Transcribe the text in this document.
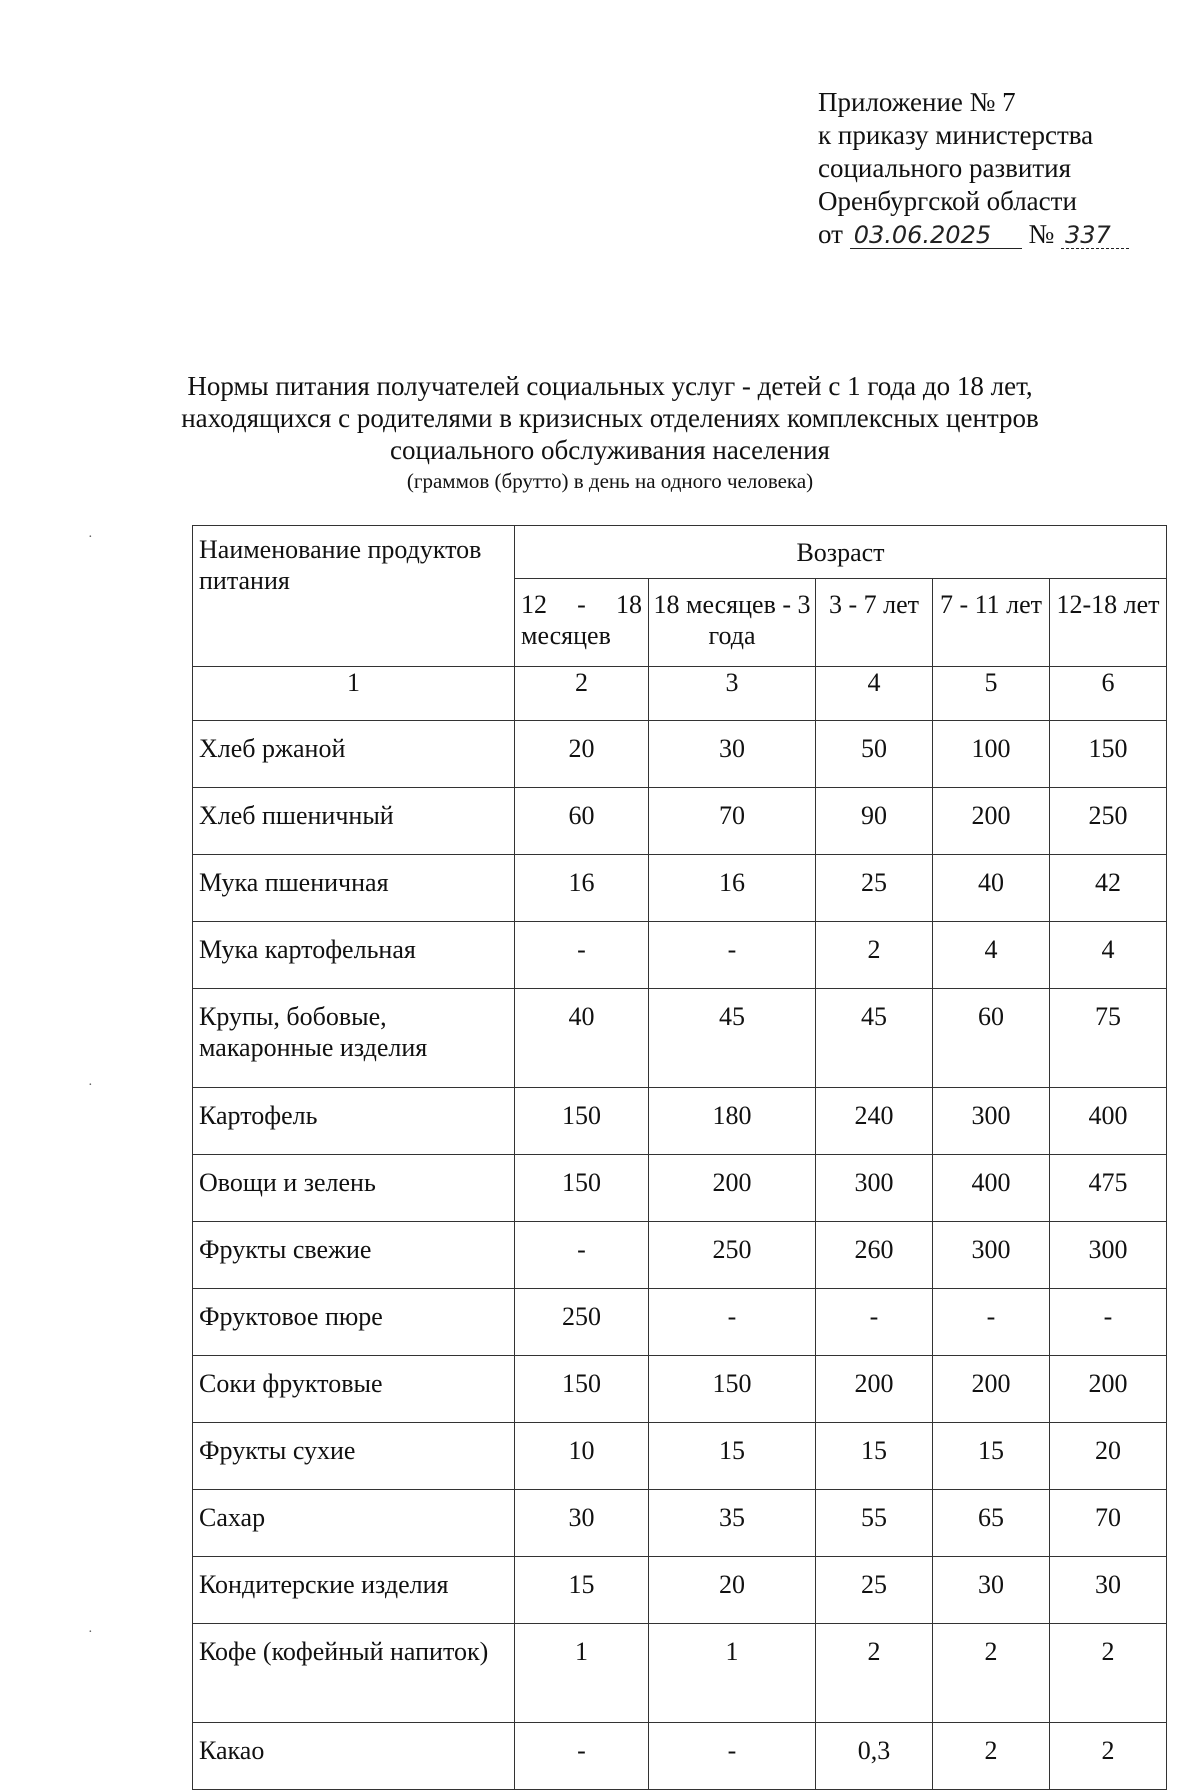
Приложение № 7
к приказу министерства
социального развития
Оренбургской области
от 03.06.2025 № 337
Нормы питания получателей социальных услуг - детей с 1 года до 18 лет,
находящихся с родителями в кризисных отделениях комплексных центров
социального обслуживания населения
(граммов (брутто) в день на одного человека)
Наименование продуктов питания	Возраст				
	12 - 18 месяцев	18 месяцев - 3 года	3 - 7 лет	7 - 11 лет	12-18 лет
1	2	3	4	5	6
Хлеб ржаной	20	30	50	100	150
Хлеб пшеничный	60	70	90	200	250
Мука пшеничная	16	16	25	40	42
Мука картофельная	-	-	2	4	4
Крупы, бобовые, макаронные изделия	40	45	45	60	75
Картофель	150	180	240	300	400
Овощи и зелень	150	200	300	400	475
Фрукты свежие	-	250	260	300	300
Фруктовое пюре	250	-	-	-	-
Соки фруктовые	150	150	200	200	200
Фрукты сухие	10	15	15	15	20
Сахар	30	35	55	65	70
Кондитерские изделия	15	20	25	30	30
Кофе (кофейный напиток)	1	1	2	2	2
Какао	-	-	0,3	2	2
·
·
·
